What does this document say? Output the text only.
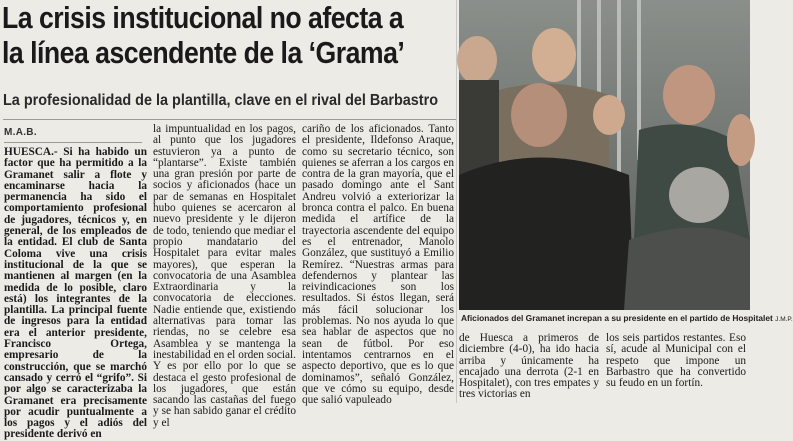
La crisis institucional no afecta a
la línea ascendente de la ‘Grama’
La profesionalidad de la plantilla, clave en el rival del Barbastro
M.A.B.

HUESCA.- Si ha habido un factor que ha permitido a la Gramanet salir a flote y encaminarse hacia la permanencia ha sido el comportamiento profesional de jugadores, técnicos y, en general, de los empleados de la entidad. El club de Santa Coloma vive una crisis institucional de la que se mantienen al margen (en la medida de lo posible, claro está) los integrantes de la plantilla. La principal fuente de ingresos para la entidad era el anterior presidente, Francisco Ortega, empresario de la construcción, que se marchó cansado y cerró el “grifo”. Si por algo se caracterizaba la Gramanet era precisamente por acudir puntualmente a los pagos y el adiós del presidente derivó en

la impuntualidad en los pagos, al punto que los jugadores estuvieron ya a punto de “plantarse”. Existe también una gran presión por parte de socios y aficionados (hace un par de semanas en Hospitalet hubo quienes se acercaron al nuevo presidente y le dijeron de todo, teniendo que mediar el propio mandatario del Hospitalet para evitar males mayores), que esperan la convocatoria de una Asamblea Extraordinaria y la convocatoria de elecciones. Nadie entiende que, existiendo alternativas para tomar las riendas, no se celebre esa Asamblea y se mantenga la inestabilidad en el orden social. Y es por ello por lo que se destaca el gesto profesional de los jugadores, que están sacando las castañas del fuego y se han sabido ganar el crédito y el

cariño de los aficionados. Tanto el presidente, Ildefonso Araque, como su secretario técnico, son quienes se aferran a los cargos en contra de la gran mayoría, que el pasado domingo ante el Sant Andreu volvió a exteriorizar la bronca contra el palco. En buena medida el artífice de la trayectoria ascendente del equipo es el entrenador, Manolo González, que sustituyó a Emilio Remírez. “Nuestras armas para defendernos y plantear las reivindicaciones son los resultados. Si éstos llegan, será más fácil solucionar los problemas. No nos ayuda lo que sea hablar de aspectos que no sean de fútbol. Por eso intentamos centrarnos en el aspecto deportivo, que es lo que dominamos”, señaló González, que ve cómo su equipo, desde que salió vapuleado

Aficionados del Gramanet increpan a su presidente en el partido de Hospitalet J.M.P.

de Huesca a primeros de diciembre (4-0), ha ido hacia arriba y únicamente ha encajado una derrota (2-1 en Hospitalet), con tres empates y tres victorias en

los seis partidos restantes. Eso sí, acude al Municipal con el respeto que impone un Barbastro que ha convertido su feudo en un fortín.
